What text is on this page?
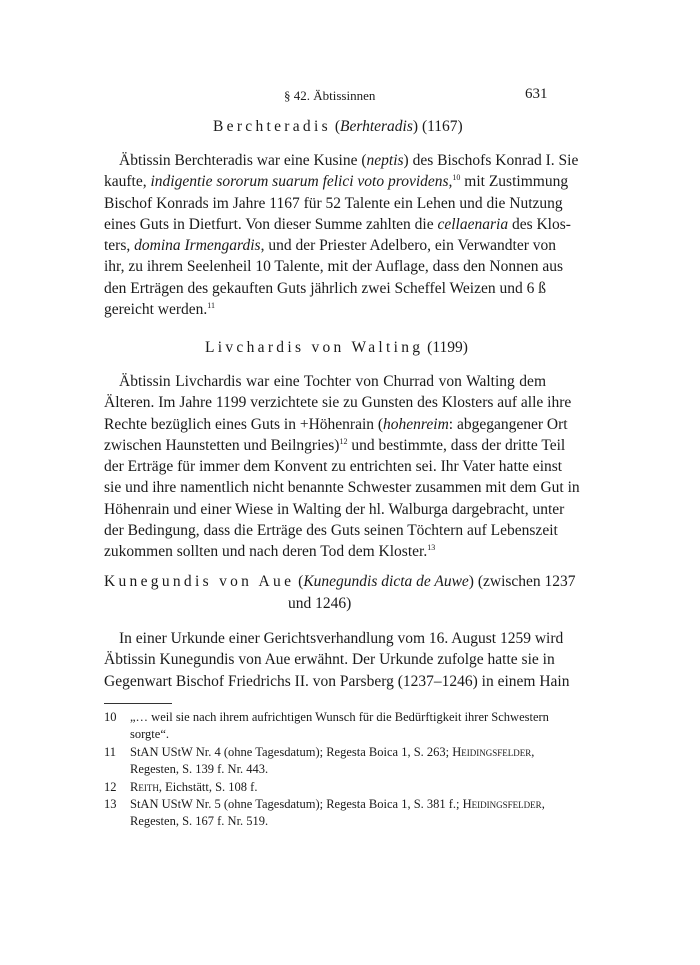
§ 42. Äbtissinnen	631
Berchteradis (Berhteradis) (1167)
Äbtissin Berchteradis war eine Kusine (neptis) des Bischofs Konrad I. Sie
kaufte, indigentie sororum suarum felici voto providens,$^{10}$ mit Zustimmung
Bischof Konrads im Jahre 1167 für 52 Talente ein Lehen und die Nutzung
eines Guts in Dietfurt. Von dieser Summe zahlten die cellaenaria des Klos-
ters, domina Irmengardis, und der Priester Adelbero, ein Verwandter von
ihr, zu ihrem Seelenheil 10 Talente, mit der Auflage, dass den Nonnen aus
den Erträgen des gekauften Guts jährlich zwei Scheffel Weizen und 6 ß
gereicht werden.$^{11}$
Livchardis von Walting (1199)
Äbtissin Livchardis war eine Tochter von Churrad von Walting dem
Älteren. Im Jahre 1199 verzichtete sie zu Gunsten des Klosters auf alle ihre
Rechte bezüglich eines Guts in +Höhenrain (hohenreim: abgegangener Ort
zwischen Haunstetten und Beilngries)$^{12}$ und bestimmte, dass der dritte Teil
der Erträge für immer dem Konvent zu entrichten sei. Ihr Vater hatte einst
sie und ihre namentlich nicht benannte Schwester zusammen mit dem Gut in
Höhenrain und einer Wiese in Walting der hl. Walburga dargebracht, unter
der Bedingung, dass die Erträge des Guts seinen Töchtern auf Lebenszeit
zukommen sollten und nach deren Tod dem Kloster.$^{13}$
Kunegundis von Aue (Kunegundis dicta de Auwe) (zwischen 1237
und 1246)
In einer Urkunde einer Gerichtsverhandlung vom 16. August 1259 wird
Äbtissin Kunegundis von Aue erwähnt. Der Urkunde zufolge hatte sie in
Gegenwart Bischof Friedrichs II. von Parsberg (1237–1246) in einem Hain
10 „… weil sie nach ihrem aufrichtigen Wunsch für die Bedürftigkeit ihrer Schwestern
sorgte“.
11 StAN UStW Nr. 4 (ohne Tagesdatum); Regesta Boica 1, S. 263; Heidingsfelder,
Regesten, S. 139 f. Nr. 443.
12 Reith, Eichstätt, S. 108 f.
13 StAN UStW Nr. 5 (ohne Tagesdatum); Regesta Boica 1, S. 381 f.; Heidingsfelder,
Regesten, S. 167 f. Nr. 519.
